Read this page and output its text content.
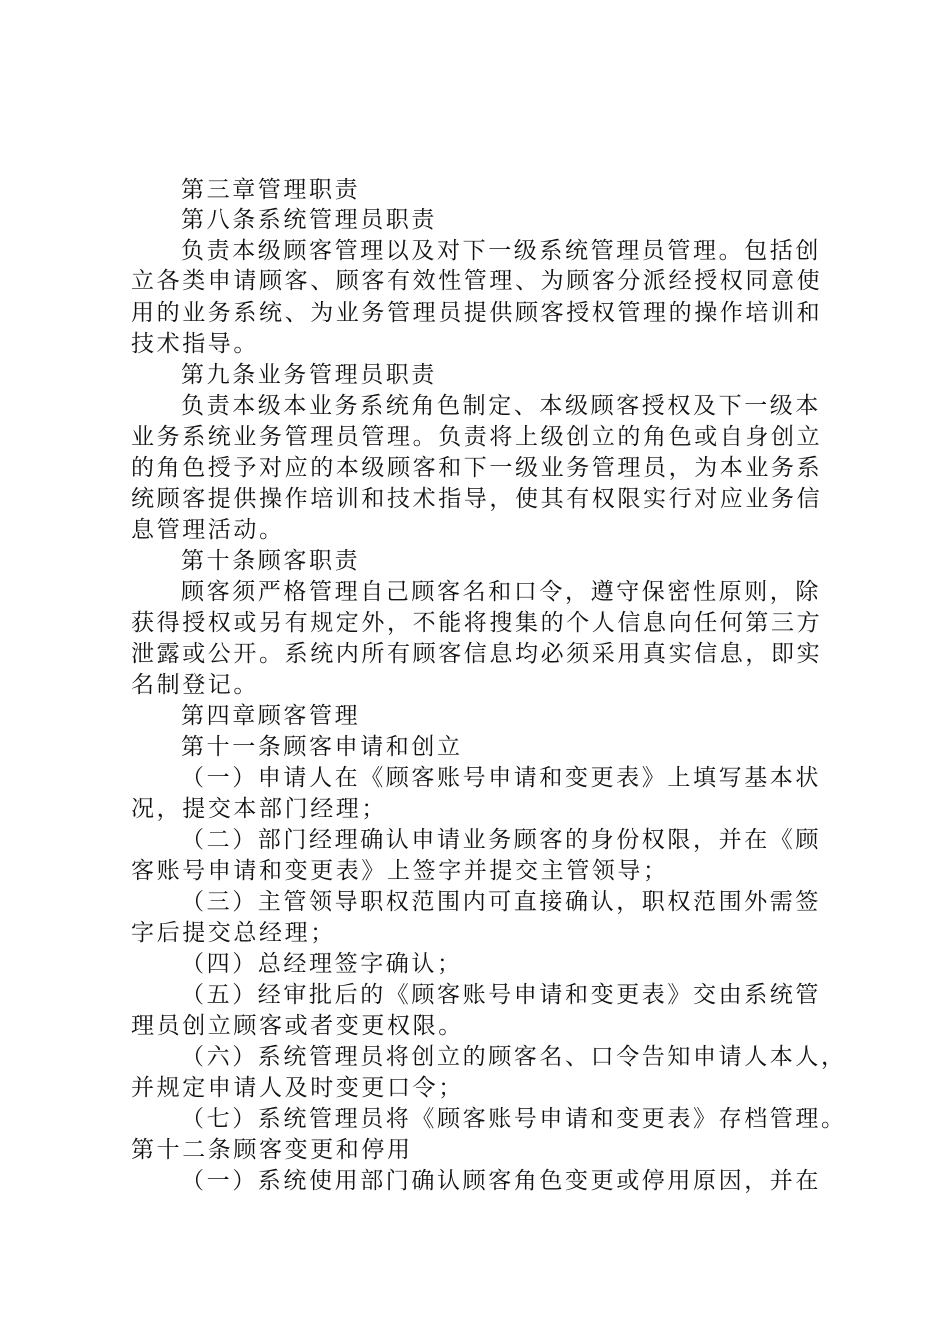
第三章管理职责
第八条系统管理员职责
负责本级顾客管理以及对下一级系统管理员管理。包括创
立各类申请顾客、顾客有效性管理、为顾客分派经授权同意使
用的业务系统、为业务管理员提供顾客授权管理的操作培训和
技术指导。
第九条业务管理员职责
负责本级本业务系统角色制定、本级顾客授权及下一级本
业务系统业务管理员管理。负责将上级创立的角色或自身创立
的角色授予对应的本级顾客和下一级业务管理员，为本业务系
统顾客提供操作培训和技术指导，使其有权限实行对应业务信
息管理活动。
第十条顾客职责
顾客须严格管理自己顾客名和口令，遵守保密性原则，除
获得授权或另有规定外，不能将搜集的个人信息向任何第三方
泄露或公开。系统内所有顾客信息均必须采用真实信息，即实
名制登记。
第四章顾客管理
第十一条顾客申请和创立
（一）申请人在《顾客账号申请和变更表》上填写基本状
况，提交本部门经理；
（二）部门经理确认申请业务顾客的身份权限，并在《顾
客账号申请和变更表》上签字并提交主管领导；
（三）主管领导职权范围内可直接确认，职权范围外需签
字后提交总经理；
（四）总经理签字确认；
（五）经审批后的《顾客账号申请和变更表》交由系统管
理员创立顾客或者变更权限。
（六）系统管理员将创立的顾客名、口令告知申请人本人，
并规定申请人及时变更口令；
（七）系统管理员将《顾客账号申请和变更表》存档管理。
第十二条顾客变更和停用
（一）系统使用部门确认顾客角色变更或停用原因，并在
